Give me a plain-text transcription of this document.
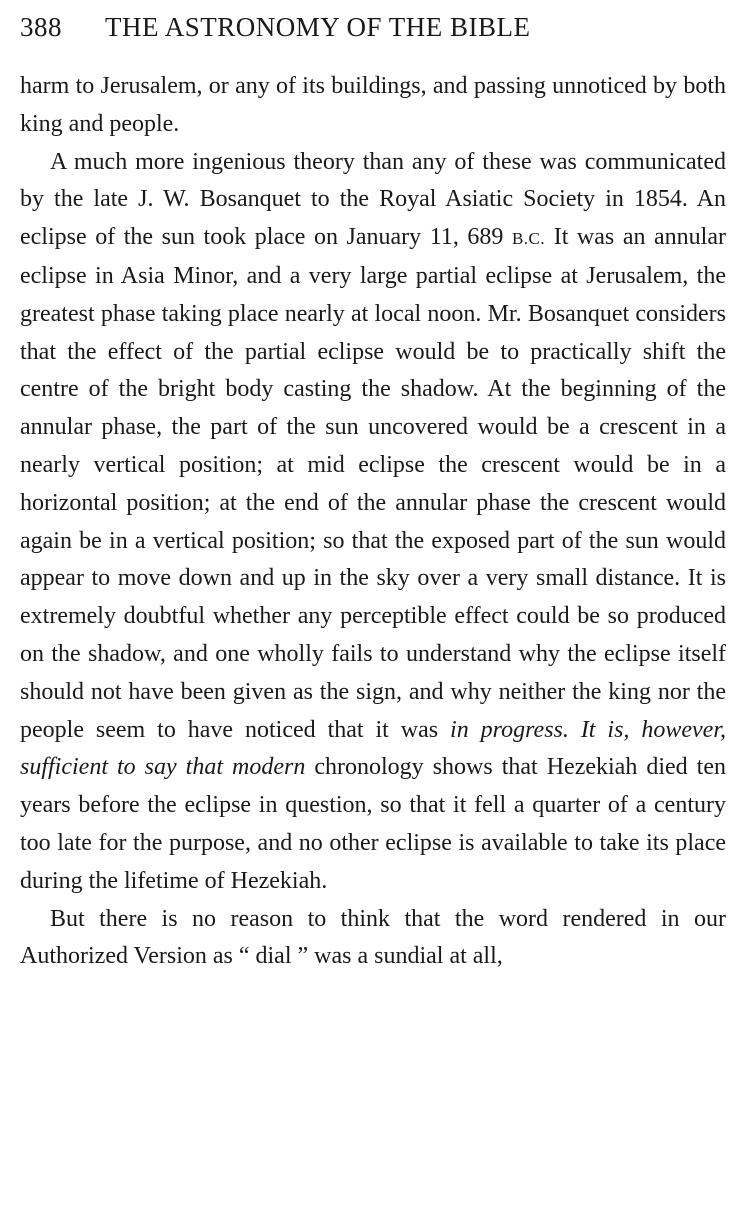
388	THE ASTRONOMY OF THE BIBLE

harm to Jerusalem, or any of its buildings, and passing unnoticed by both king and people.

A much more ingenious theory than any of these was communicated by the late J. W. Bosanquet to the Royal Asiatic Society in 1854. An eclipse of the sun took place on January 11, 689 B.C. It was an annular eclipse in Asia Minor, and a very large partial eclipse at Jerusalem, the greatest phase taking place nearly at local noon. Mr. Bosanquet considers that the effect of the partial eclipse would be to practically shift the centre of the bright body casting the shadow. At the beginning of the annular phase, the part of the sun uncovered would be a crescent in a nearly vertical position; at mid eclipse the crescent would be in a horizontal position; at the end of the annular phase the crescent would again be in a vertical position; so that the exposed part of the sun would appear to move down and up in the sky over a very small distance. It is extremely doubtful whether any perceptible effect could be so produced on the shadow, and one wholly fails to understand why the eclipse itself should not have been given as the sign, and why neither the king nor the people seem to have noticed that it was in progress. It is, however, sufficient to say that modern chronology shows that Hezekiah died ten years before the eclipse in question, so that it fell a quarter of a century too late for the purpose, and no other eclipse is available to take its place during the lifetime of Hezekiah.

But there is no reason to think that the word rendered in our Authorized Version as “ dial ” was a sundial at all,
